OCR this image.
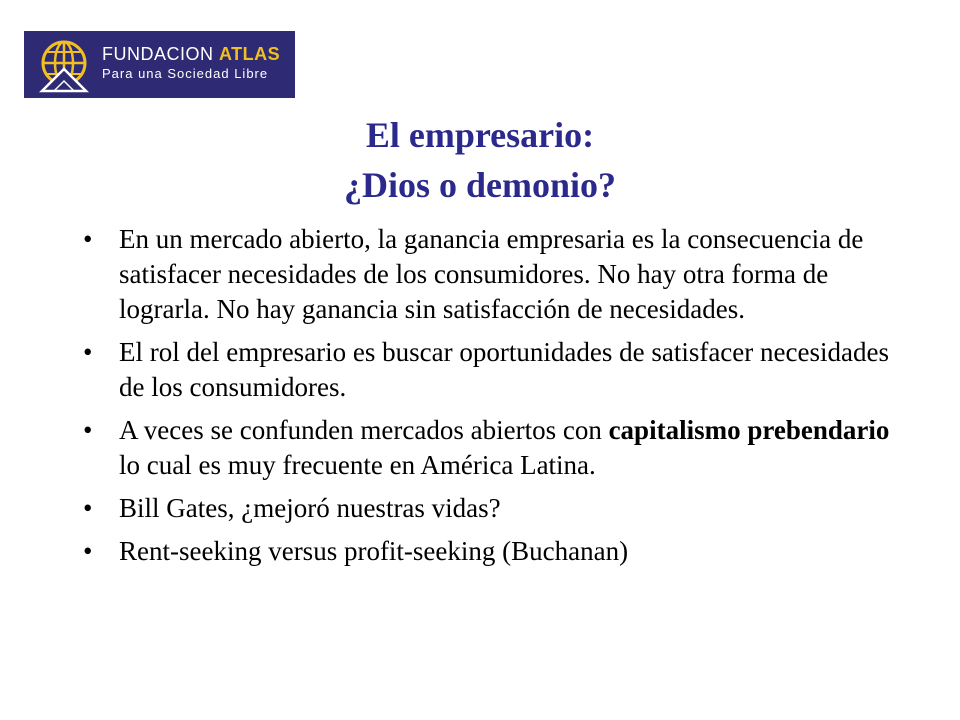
FUNDACION ATLAS
Para una Sociedad Libre
El empresario:
¿Dios o demonio?
• En un mercado abierto, la ganancia empresaria es la consecuencia de satisfacer necesidades de los consumidores. No hay otra forma de lograrla. No hay ganancia sin satisfacción de necesidades.
• El rol del empresario es buscar oportunidades de satisfacer necesidades de los consumidores.
• A veces se confunden mercados abiertos con capitalismo prebendario lo cual es muy frecuente en América Latina.
• Bill Gates, ¿mejoró nuestras vidas?
• Rent-seeking versus profit-seeking (Buchanan)
